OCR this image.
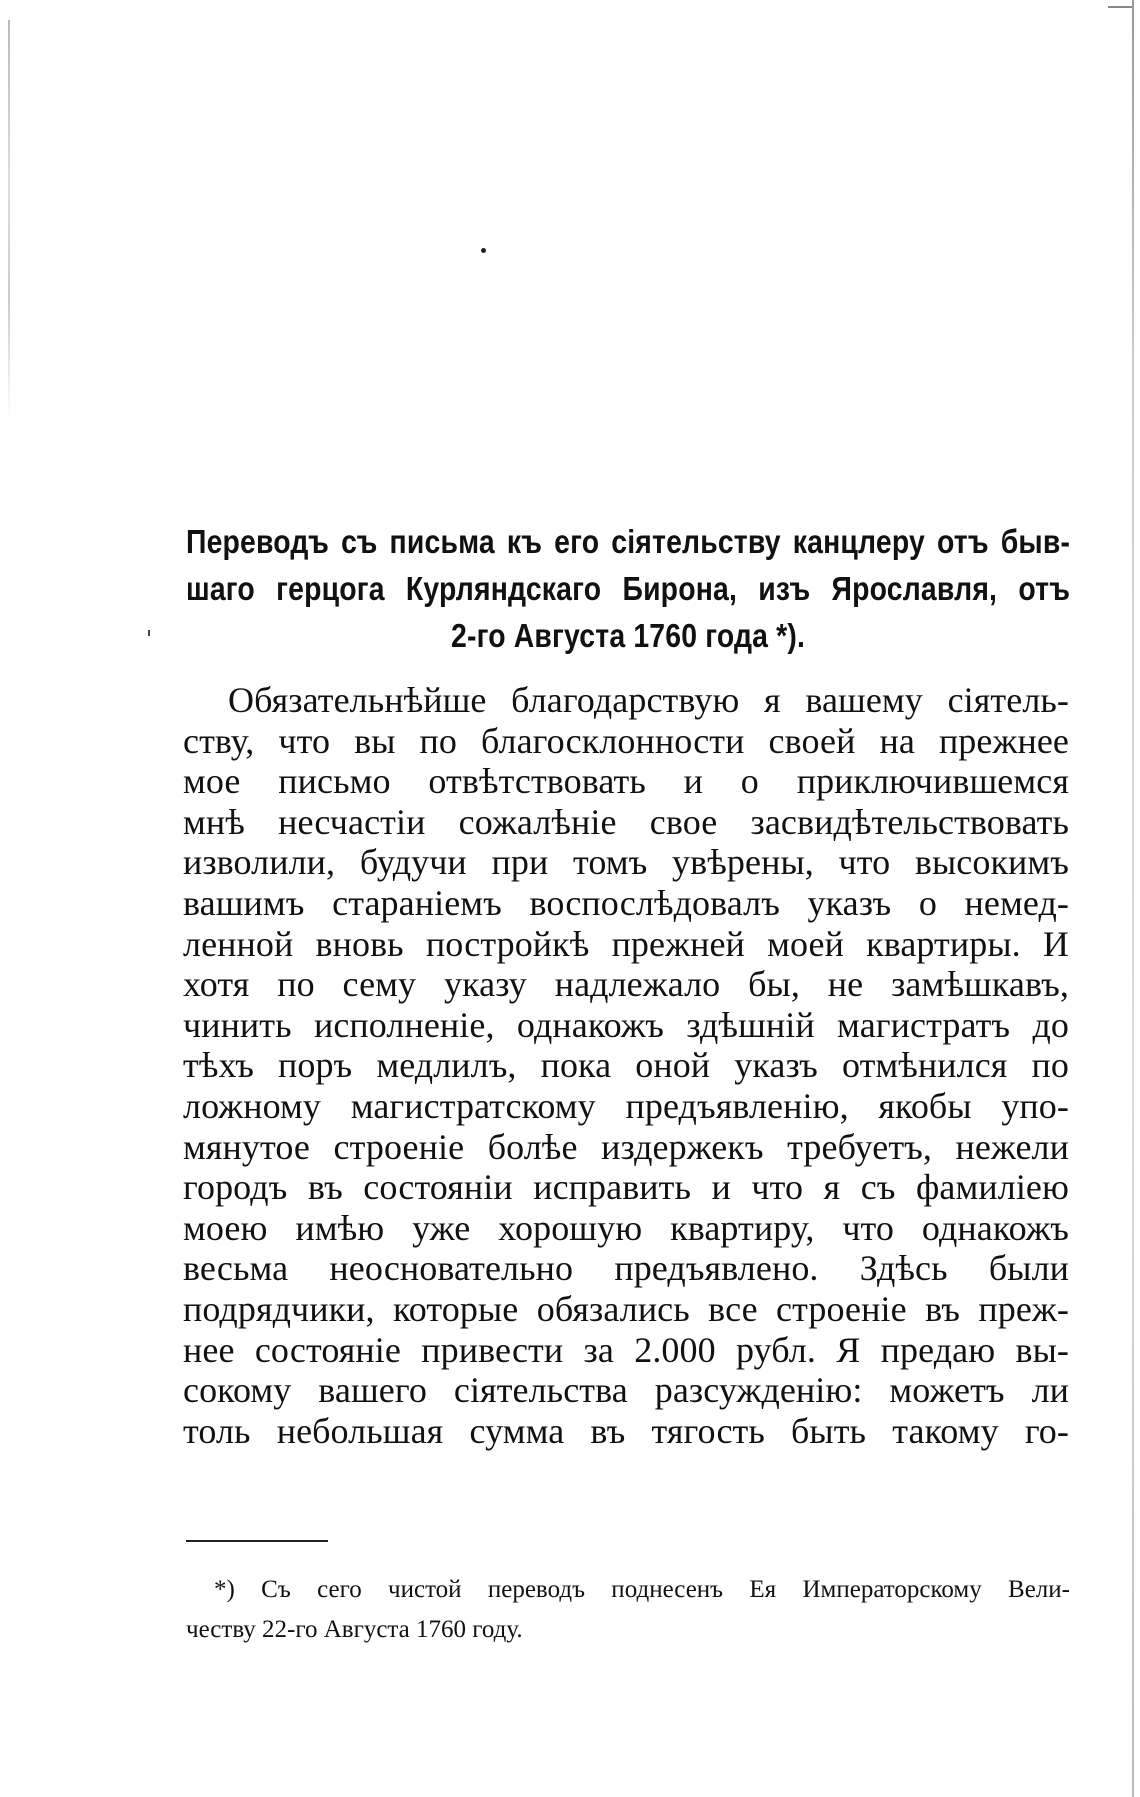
Переводъ съ письма къ его сiятельству канцлеру отъ быв-
шаго герцога Курляндскаго Бирона, изъ Ярославля, отъ
2-го Августа 1760 года *).
Обязательнѣйше благодарствую я вашему сiятель-
ству, что вы по благосклонности своей на прежнее
мое письмо отвѣтствовать и о приключившемся
мнѣ несчастiи сожалѣнiе свое засвидѣтельствовать
изволили, будучи при томъ увѣрены, что высокимъ
вашимъ старанiемъ воспослѣдовалъ указъ о немед-
ленной вновь постройкѣ прежней моей квартиры. И
хотя по сему указу надлежало бы, не замѣшкавъ,
чинить исполненiе, однакожъ здѣшнiй магистратъ до
тѣхъ поръ медлилъ, пока оной указъ отмѣнился по
ложному магистратскому предъявленiю, якобы упо-
мянутое строенiе болѣе издержекъ требуетъ, нежели
городъ въ состоянiи исправить и что я съ фамилiею
моею имѣю уже хорошую квартиру, что однакожъ
весьма неосновательно предъявлено. Здѣсь были
подрядчики, которые обязались все строенiе въ преж-
нее состоянiе привести за 2.000 рубл. Я предаю вы-
сокому вашего сiятельства разсужденiю: можетъ ли
толь небольшая сумма въ тягость быть такому го-
*) Съ сего чистой переводъ поднесенъ Ея Императорскому Вели-
честву 22-го Августа 1760 году.
